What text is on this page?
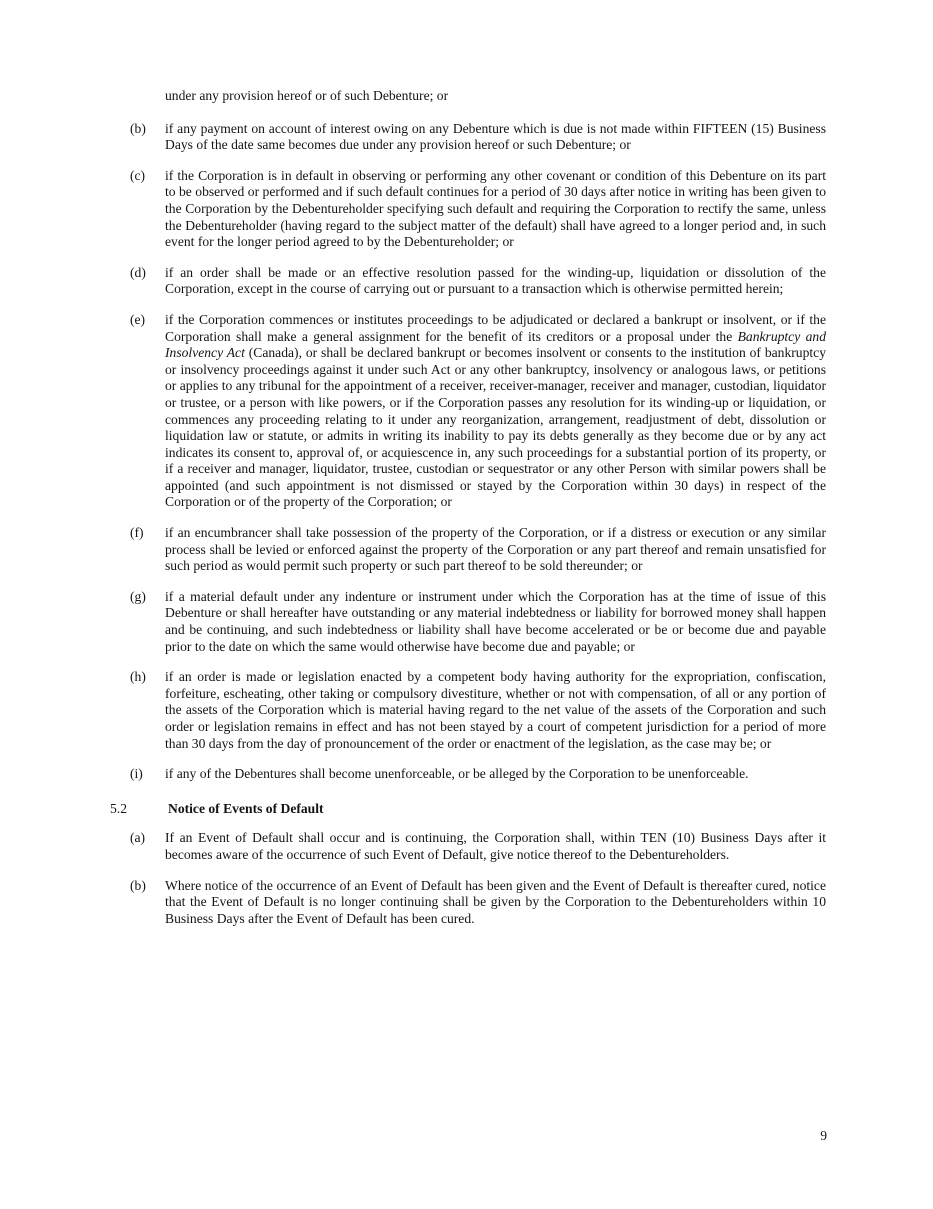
under any provision hereof or of such Debenture; or
(b)	if any payment on account of interest owing on any Debenture which is due is not made within FIFTEEN (15) Business Days of the date same becomes due under any provision hereof or such Debenture; or
(c)	if the Corporation is in default in observing or performing any other covenant or condition of this Debenture on its part to be observed or performed and if such default continues for a period of 30 days after notice in writing has been given to the Corporation by the Debentureholder specifying such default and requiring the Corporation to rectify the same, unless the Debentureholder (having regard to the subject matter of the default) shall have agreed to a longer period and, in such event for the longer period agreed to by the Debentureholder; or
(d)	if an order shall be made or an effective resolution passed for the winding-up, liquidation or dissolution of the Corporation, except in the course of carrying out or pursuant to a transaction which is otherwise permitted herein;
(e)	if the Corporation commences or institutes proceedings to be adjudicated or declared a bankrupt or insolvent, or if the Corporation shall make a general assignment for the benefit of its creditors or a proposal under the Bankruptcy and Insolvency Act (Canada), or shall be declared bankrupt or becomes insolvent or consents to the institution of bankruptcy or insolvency proceedings against it under such Act or any other bankruptcy, insolvency or analogous laws, or petitions or applies to any tribunal for the appointment of a receiver, receiver-manager, receiver and manager, custodian, liquidator or trustee, or a person with like powers, or if the Corporation passes any resolution for its winding-up or liquidation, or commences any proceeding relating to it under any reorganization, arrangement, readjustment of debt, dissolution or liquidation law or statute, or admits in writing its inability to pay its debts generally as they become due or by any act indicates its consent to, approval of, or acquiescence in, any such proceedings for a substantial portion of its property, or if a receiver and manager, liquidator, trustee, custodian or sequestrator or any other Person with similar powers shall be appointed (and such appointment is not dismissed or stayed by the Corporation within 30 days) in respect of the Corporation or of the property of the Corporation; or
(f)	if an encumbrancer shall take possession of the property of the Corporation, or if a distress or execution or any similar process shall be levied or enforced against the property of the Corporation or any part thereof and remain unsatisfied for such period as would permit such property or such part thereof to be sold thereunder; or
(g)	if a material default under any indenture or instrument under which the Corporation has at the time of issue of this Debenture or shall hereafter have outstanding or any material indebtedness or liability for borrowed money shall happen and be continuing, and such indebtedness or liability shall have become accelerated or be or become due and payable prior to the date on which the same would otherwise have become due and payable; or
(h)	if an order is made or legislation enacted by a competent body having authority for the expropriation, confiscation, forfeiture, escheating, other taking or compulsory divestiture, whether or not with compensation, of all or any portion of the assets of the Corporation which is material having regard to the net value of the assets of the Corporation and such order or legislation remains in effect and has not been stayed by a court of competent jurisdiction for a period of more than 30 days from the day of pronouncement of the order or enactment of the legislation, as the case may be; or
(i)	if any of the Debentures shall become unenforceable, or be alleged by the Corporation to be unenforceable.
5.2	Notice of Events of Default
(a)	If an Event of Default shall occur and is continuing, the Corporation shall, within TEN (10) Business Days after it becomes aware of the occurrence of such Event of Default, give notice thereof to the Debentureholders.
(b)	Where notice of the occurrence of an Event of Default has been given and the Event of Default is thereafter cured, notice that the Event of Default is no longer continuing shall be given by the Corporation to the Debentureholders within 10 Business Days after the Event of Default has been cured.
9
